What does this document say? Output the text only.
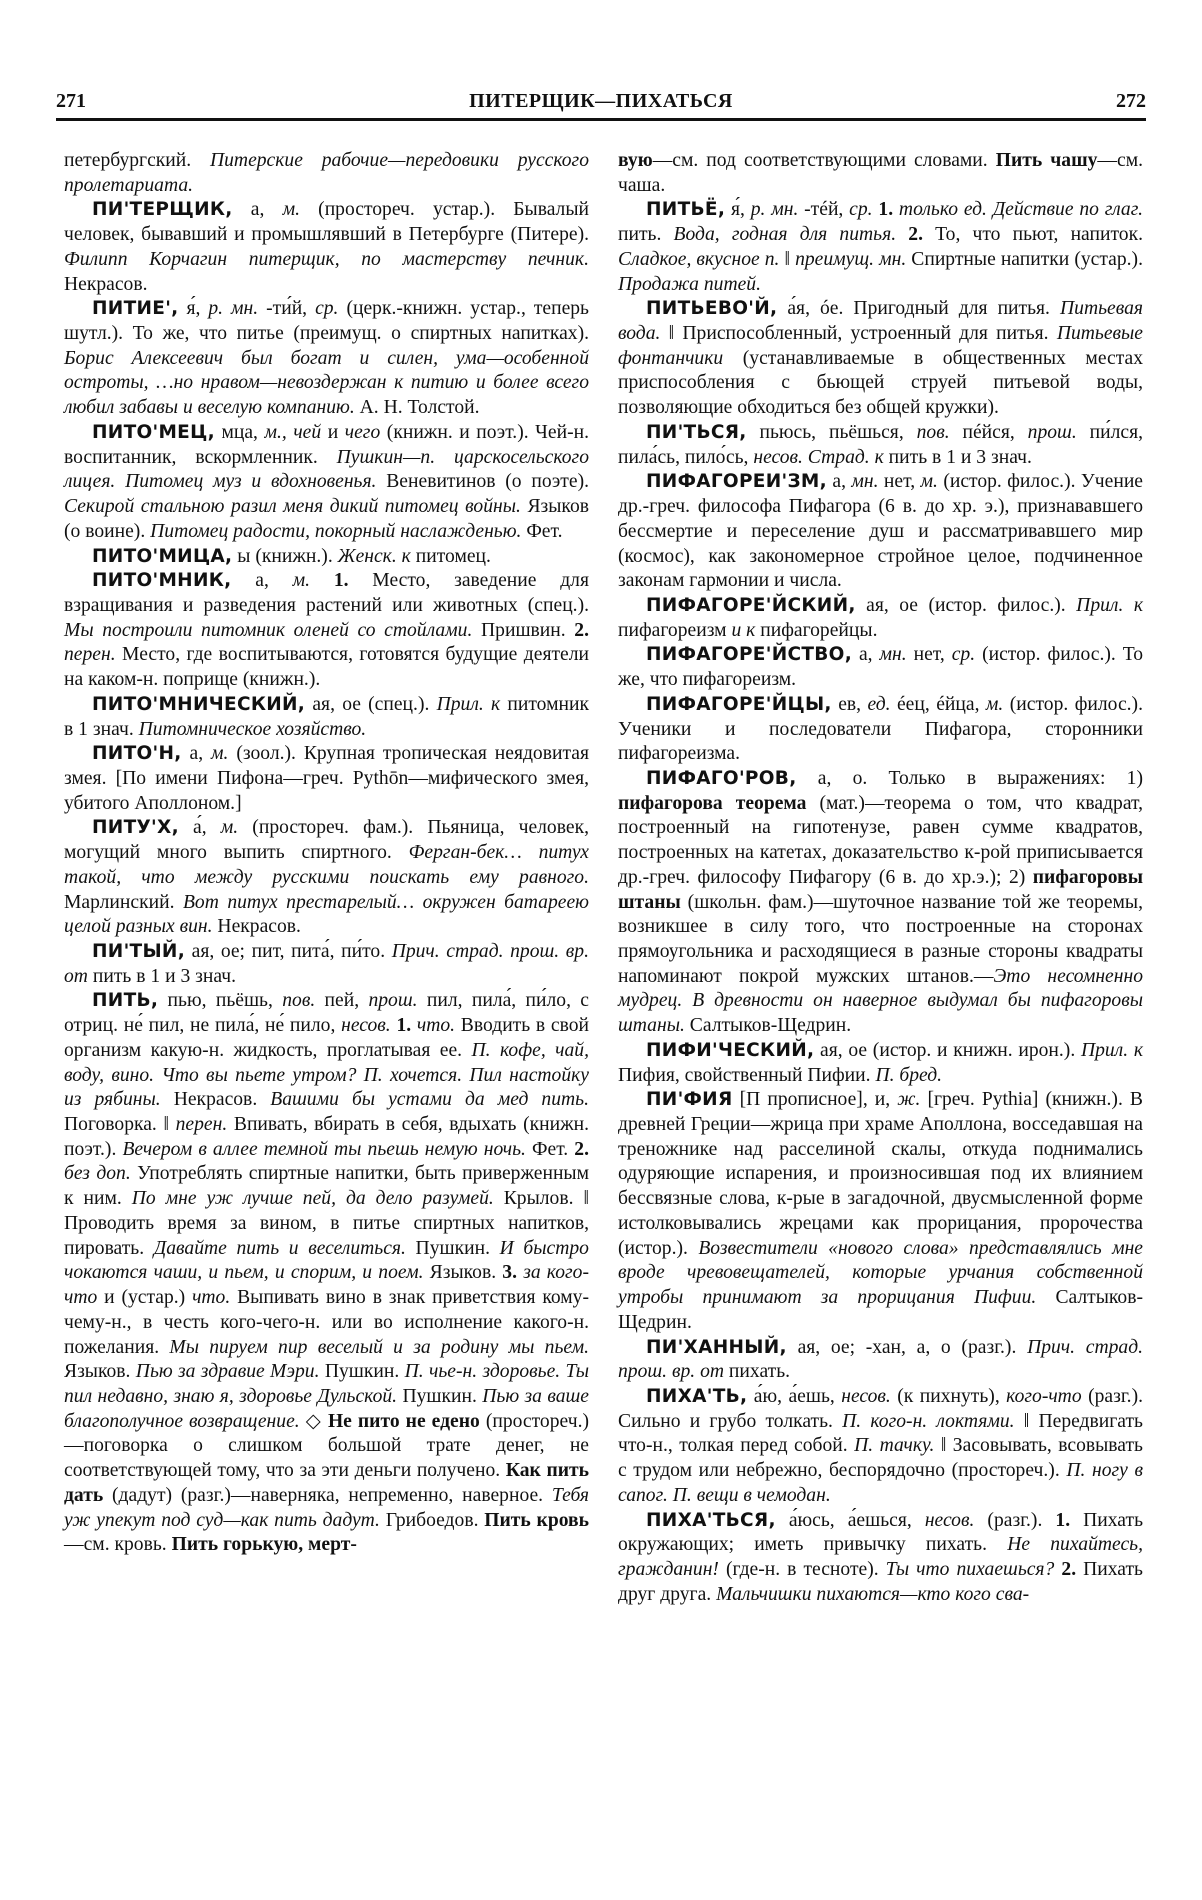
271	ПИТЕРЩИК—ПИХАТЬСЯ	272

петербургский. Питерские рабочие—передовики русского пролетариата.

ПИ'ТЕРЩИК, а, м. (простореч. устар.). Бывалый человек, бывавший и промышлявший в Петербурге (Питере). Филипп Корчагин питерщик, по мастерству печник. Некрасов.

ПИТИЕ', я́, р. мн. -ти́й, ср. (церк.-книжн. устар., теперь шутл.). То же, что питье (преимущ. о спиртных напитках). Борис Алексеевич был богат и силен, ума—особенной остроты, …но нравом—невоздержан к питию и более всего любил забавы и веселую компанию. А. Н. Толстой.

ПИТО'МЕЦ, мца, м., чей и чего (книжн. и поэт.). Чей-н. воспитанник, вскормленник. Пушкин—п. царскосельского лицея. Питомец муз и вдохновенья. Веневитинов (о поэте). Секирой стальною разил меня дикий питомец войны. Языков (о воине). Питомец радости, покорный наслажденью. Фет.

ПИТО'МИЦА, ы (книжн.). Женск. к питомец.

ПИТО'МНИК, а, м. 1. Место, заведение для взращивания и разведения растений или животных (спец.). Мы построили питомник оленей со стойлами. Пришвин. 2. перен. Место, где воспитываются, готовятся будущие деятели на каком-н. поприще (книжн.).

ПИТО'МНИЧЕСКИЙ, ая, ое (спец.). Прил. к питомник в 1 знач. Питомническое хозяйство.

ПИТО'Н, а, м. (зоол.). Крупная тропическая неядовитая змея. [По имени Пифона—греч. Pythōn—мифического змея, убитого Аполлоном.]

ПИТУ'Х, а́, м. (простореч. фам.). Пьяница, человек, могущий много выпить спиртного. Ферган-бек… питух такой, что между русскими поискать ему равного. Марлинский. Вот питух престарелый… окружен батареею целой разных вин. Некрасов.

ПИ'ТЫЙ, ая, ое; пит, пита́, пи́то. Прич. страд. прош. вр. от пить в 1 и 3 знач.

ПИТЬ, пью, пьёшь, пов. пей, прош. пил, пила́, пи́ло, с отриц. не́ пил, не пила́, не́ пило, несов. 1. что. Вводить в свой организм какую-н. жидкость, проглатывая ее. П. кофе, чай, воду, вино. Что вы пьете утром? П. хочется. Пил настойку из рябины. Некрасов. Вашими бы устами да мед пить. Поговорка. ‖ перен. Впивать, вбирать в себя, вдыхать (книжн. поэт.). Вечером в аллее темной ты пьешь немую ночь. Фет. 2. без доп. Употреблять спиртные напитки, быть приверженным к ним. По мне уж лучше пей, да дело разумей. Крылов. ‖ Проводить время за вином, в питье спиртных напитков, пировать. Давайте пить и веселиться. Пушкин. И быстро чокаются чаши, и пьем, и спорим, и поем. Языков. 3. за кого-что и (устар.) что. Выпивать вино в знак приветствия кому-чему-н., в честь кого-чего-н. или во исполнение какого-н. пожелания. Мы пируем пир веселый и за родину мы пьем. Языков. Пью за здравие Мэри. Пушкин. П. чье-н. здоровье. Ты пил недавно, знаю я, здоровье Дульской. Пушкин. Пью за ваше благополучное возвращение. ◇ Не пито не едено (простореч.)—поговорка о слишком большой трате денег, не соответствующей тому, что за эти деньги получено. Как пить дать (дадут) (разг.)—наверняка, непременно, наверное. Тебя уж упекут под суд—как пить дадут. Грибоедов. Пить кровь—см. кровь. Пить горькую, мерт-

вую—см. под соответствующими словами. Пить чашу—см. чаша.

ПИТЬЁ, я́, р. мн. -тéй, ср. 1. только ед. Действие по глаг. пить. Вода, годная для питья. 2. То, что пьют, напиток. Сладкое, вкусное п. ‖ преимущ. мн. Спиртные напитки (устар.). Продажа питей.

ПИТЬЕВО'Й, а́я, óе. Пригодный для питья. Питьевая вода. ‖ Приспособленный, устроенный для питья. Питьевые фонтанчики (устанавливаемые в общественных местах приспособления с бьющей струей питьевой воды, позволяющие обходиться без общей кружки).

ПИ'ТЬСЯ, пьюсь, пьёшься, пов. пéйся, прош. пи́лся, пила́сь, пило́сь, несов. Страд. к пить в 1 и 3 знач.

ПИФАГОРЕИ'ЗМ, а, мн. нет, м. (истор. филос.). Учение др.-греч. философа Пифагора (6 в. до хр. э.), признававшего бессмертие и переселение душ и рассматривавшего мир (космос), как закономерное стройное целое, подчиненное законам гармонии и числа.

ПИФАГОРЕ'ЙСКИЙ, ая, ое (истор. филос.). Прил. к пифагореизм и к пифагорейцы.

ПИФАГОРЕ'ЙСТВО, а, мн. нет, ср. (истор. филос.). То же, что пифагореизм.

ПИФАГОРЕ'ЙЦЫ, ев, ед. éец, éйца, м. (истор. филос.). Ученики и последователи Пифагора, сторонники пифагореизма.

ПИФАГО'РОВ, а, о. Только в выражениях: 1) пифагорова теорема (мат.)—теорема о том, что квадрат, построенный на гипотенузе, равен сумме квадратов, построенных на катетах, доказательство к-рой приписывается др.-греч. философу Пифагору (6 в. до хр.э.); 2) пифагоровы штаны (школьн. фам.)—шуточное название той же теоремы, возникшее в силу того, что построенные на сторонах прямоугольника и расходящиеся в разные стороны квадраты напоминают покрой мужских штанов.—Это несомненно мудрец. В древности он наверное выдумал бы пифагоровы штаны. Салтыков-Щедрин.

ПИФИ'ЧЕСКИЙ, ая, ое (истор. и книжн. ирон.). Прил. к Пифия, свойственный Пифии. П. бред.

ПИ'ФИЯ [П прописное], и, ж. [греч. Pythia] (книжн.). В древней Греции—жрица при храме Аполлона, восседавшая на треножнике над расселиной скалы, откуда поднимались одуряющие испарения, и произносившая под их влиянием бессвязные слова, к-рые в загадочной, двусмысленной форме истолковывались жрецами как прорицания, пророчества (истор.). Возвестители «нового слова» представлялись мне вроде чревовещателей, которые урчания собственной утробы принимают за прорицания Пифии. Салтыков-Щедрин.

ПИ'ХАННЫЙ, ая, ое; -хан, а, о (разг.). Прич. страд. прош. вр. от пихать.

ПИХА'ТЬ, а́ю, а́ешь, несов. (к пихнуть), кого-что (разг.). Сильно и грубо толкать. П. кого-н. локтями. ‖ Передвигать что-н., толкая перед собой. П. тачку. ‖ Засовывать, всовывать с трудом или небрежно, беспорядочно (простореч.). П. ногу в сапог. П. вещи в чемодан.

ПИХА'ТЬСЯ, а́юсь, а́ешься, несов. (разг.). 1. Пихать окружающих; иметь привычку пихать. Не пихайтесь, гражданин! (где-н. в тесноте). Ты что пихаешься? 2. Пихать друг друга. Мальчишки пихаются—кто кого сва-
